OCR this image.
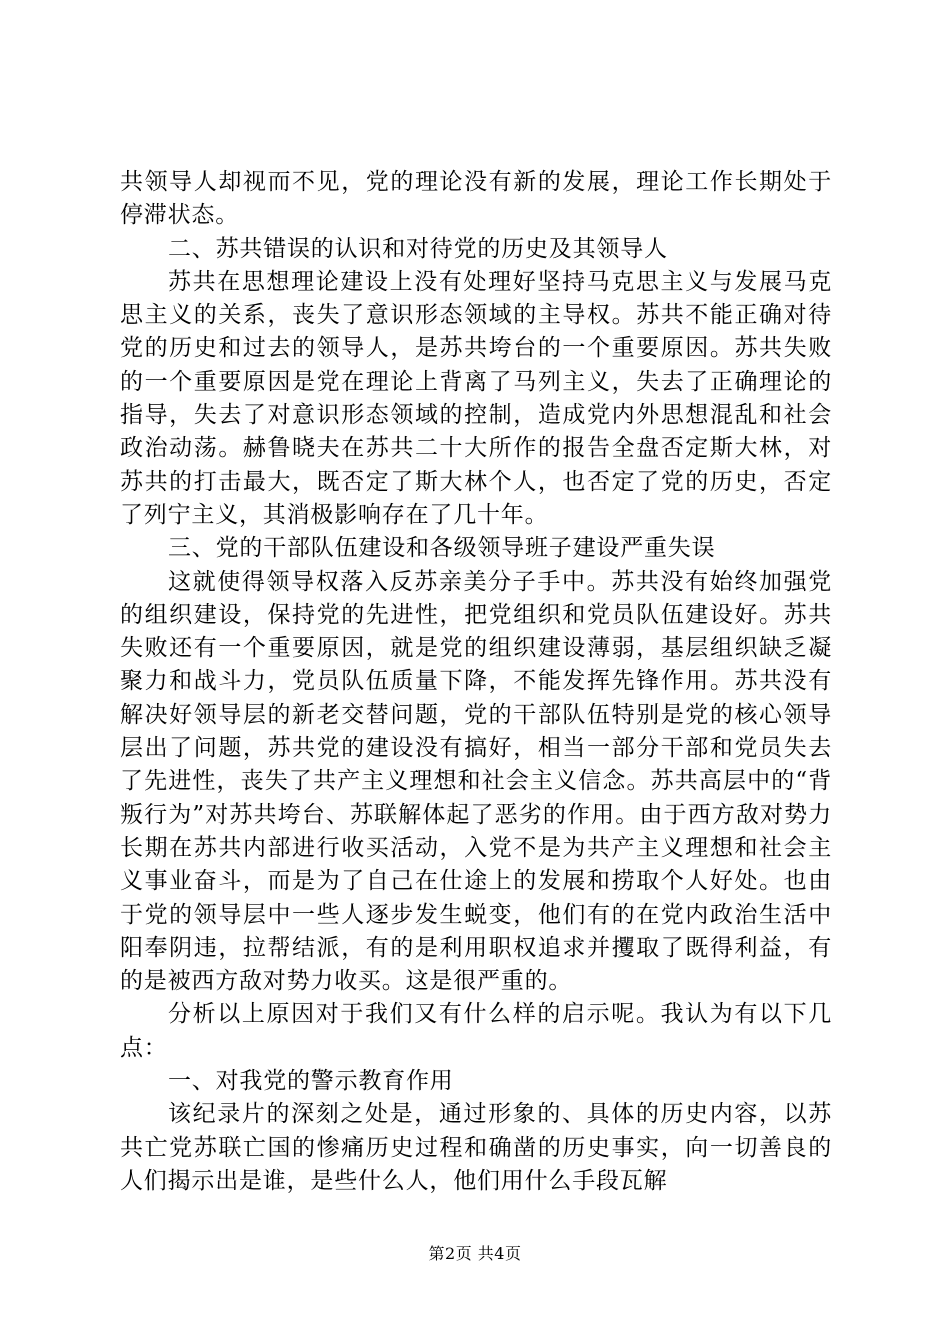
共领导人却视而不见，党的理论没有新的发展，理论工作长期处于停滞状态。

二、苏共错误的认识和对待党的历史及其领导人

苏共在思想理论建设上没有处理好坚持马克思主义与发展马克思主义的关系，丧失了意识形态领域的主导权。苏共不能正确对待党的历史和过去的领导人，是苏共垮台的一个重要原因。苏共失败的一个重要原因是党在理论上背离了马列主义，失去了正确理论的指导，失去了对意识形态领域的控制，造成党内外思想混乱和社会政治动荡。赫鲁晓夫在苏共二十大所作的报告全盘否定斯大林，对苏共的打击最大，既否定了斯大林个人，也否定了党的历史，否定了列宁主义，其消极影响存在了几十年。

三、党的干部队伍建设和各级领导班子建设严重失误

这就使得领导权落入反苏亲美分子手中。苏共没有始终加强党的组织建设，保持党的先进性，把党组织和党员队伍建设好。苏共失败还有一个重要原因，就是党的组织建设薄弱，基层组织缺乏凝聚力和战斗力，党员队伍质量下降，不能发挥先锋作用。苏共没有解决好领导层的新老交替问题，党的干部队伍特别是党的核心领导层出了问题，苏共党的建设没有搞好，相当一部分干部和党员失去了先进性，丧失了共产主义理想和社会主义信念。苏共高层中的“背叛行为”对苏共垮台、苏联解体起了恶劣的作用。由于西方敌对势力长期在苏共内部进行收买活动，入党不是为共产主义理想和社会主义事业奋斗，而是为了自己在仕途上的发展和捞取个人好处。也由于党的领导层中一些人逐步发生蜕变，他们有的在党内政治生活中阳奉阴违，拉帮结派，有的是利用职权追求并攫取了既得利益，有的是被西方敌对势力收买。这是很严重的。

分析以上原因对于我们又有什么样的启示呢。我认为有以下几点：

一、对我党的警示教育作用

该纪录片的深刻之处是，通过形象的、具体的历史内容，以苏共亡党苏联亡国的惨痛历史过程和确凿的历史事实，向一切善良的人们揭示出是谁，是些什么人，他们用什么手段瓦解

第2页 共4页
